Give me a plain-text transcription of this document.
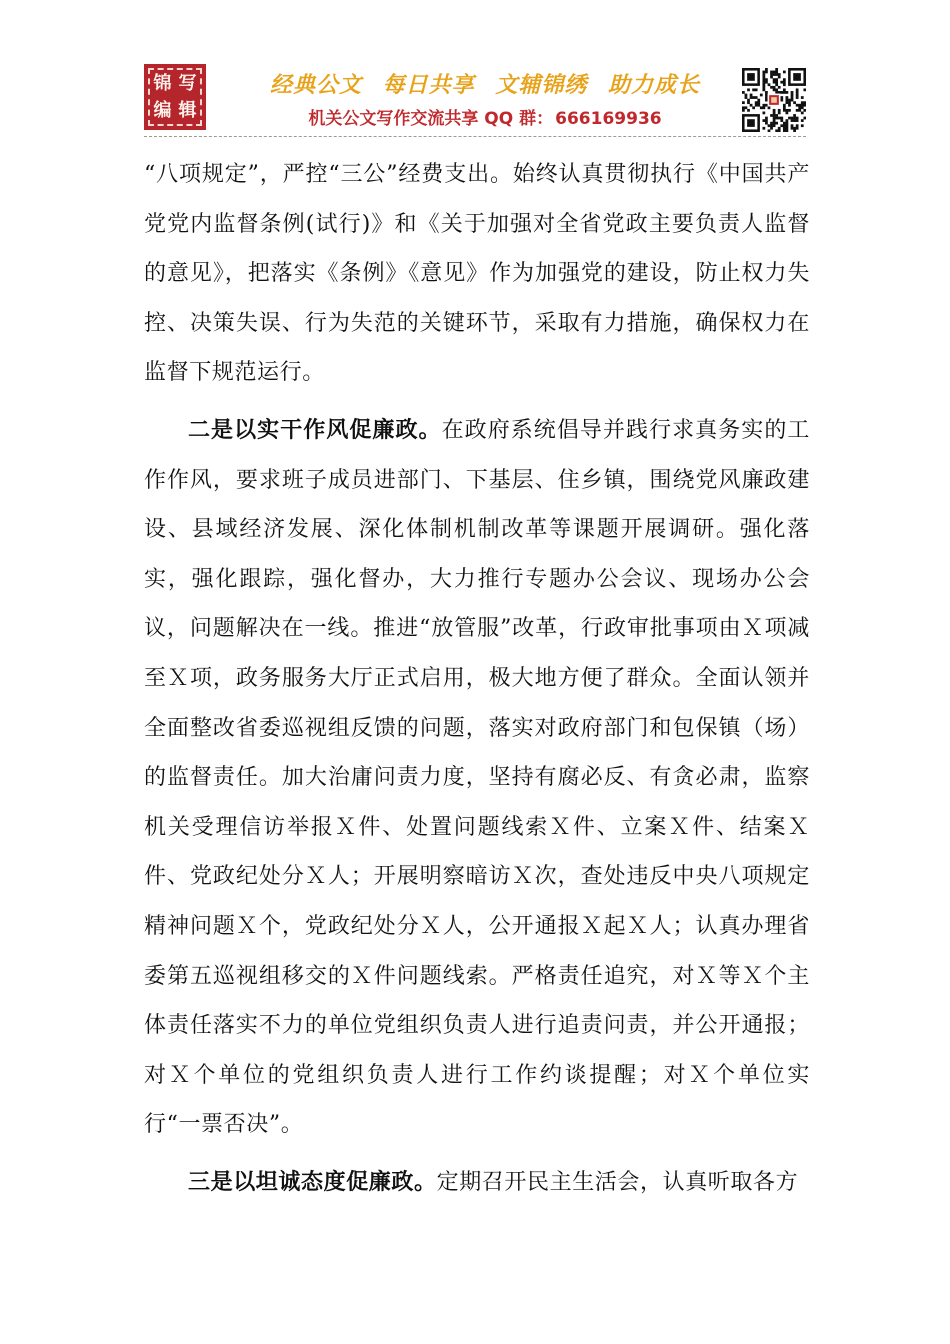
锦 写
编 辑
经典公文 每日共享 文辅锦绣 助力成长
机关公文写作交流共享 QQ 群： 666169936

“八项规定”，严控“三公”经费支出。始终认真贯彻执行《中国共产党党内监督条例(试行)》和《关于加强对全省党政主要负责人监督的意见》，把落实《条例》《意见》作为加强党的建设，防止权力失控、决策失误、行为失范的关键环节，采取有力措施，确保权力在监督下规范运行。

二是以实干作风促廉政。在政府系统倡导并践行求真务实的工作作风，要求班子成员进部门、下基层、住乡镇，围绕党风廉政建设、县域经济发展、深化体制机制改革等课题开展调研。强化落实，强化跟踪，强化督办，大力推行专题办公会议、现场办公会议，问题解决在一线。推进“放管服”改革，行政审批事项由Ｘ项减至Ｘ项，政务服务大厅正式启用，极大地方便了群众。全面认领并全面整改省委巡视组反馈的问题，落实对政府部门和包保镇（场）的监督责任。加大治庸问责力度，坚持有腐必反、有贪必肃，监察机关受理信访举报Ｘ件、处置问题线索Ｘ件、立案Ｘ件、结案Ｘ件、党政纪处分Ｘ人；开展明察暗访Ｘ次，查处违反中央八项规定精神问题Ｘ个，党政纪处分Ｘ人，公开通报Ｘ起Ｘ人；认真办理省委第五巡视组移交的Ｘ件问题线索。严格责任追究，对Ｘ等Ｘ个主体责任落实不力的单位党组织负责人进行追责问责，并公开通报；对Ｘ个单位的党组织负责人进行工作约谈提醒；对Ｘ个单位实行“一票否决”。

三是以坦诚态度促廉政。定期召开民主生活会，认真听取各方
